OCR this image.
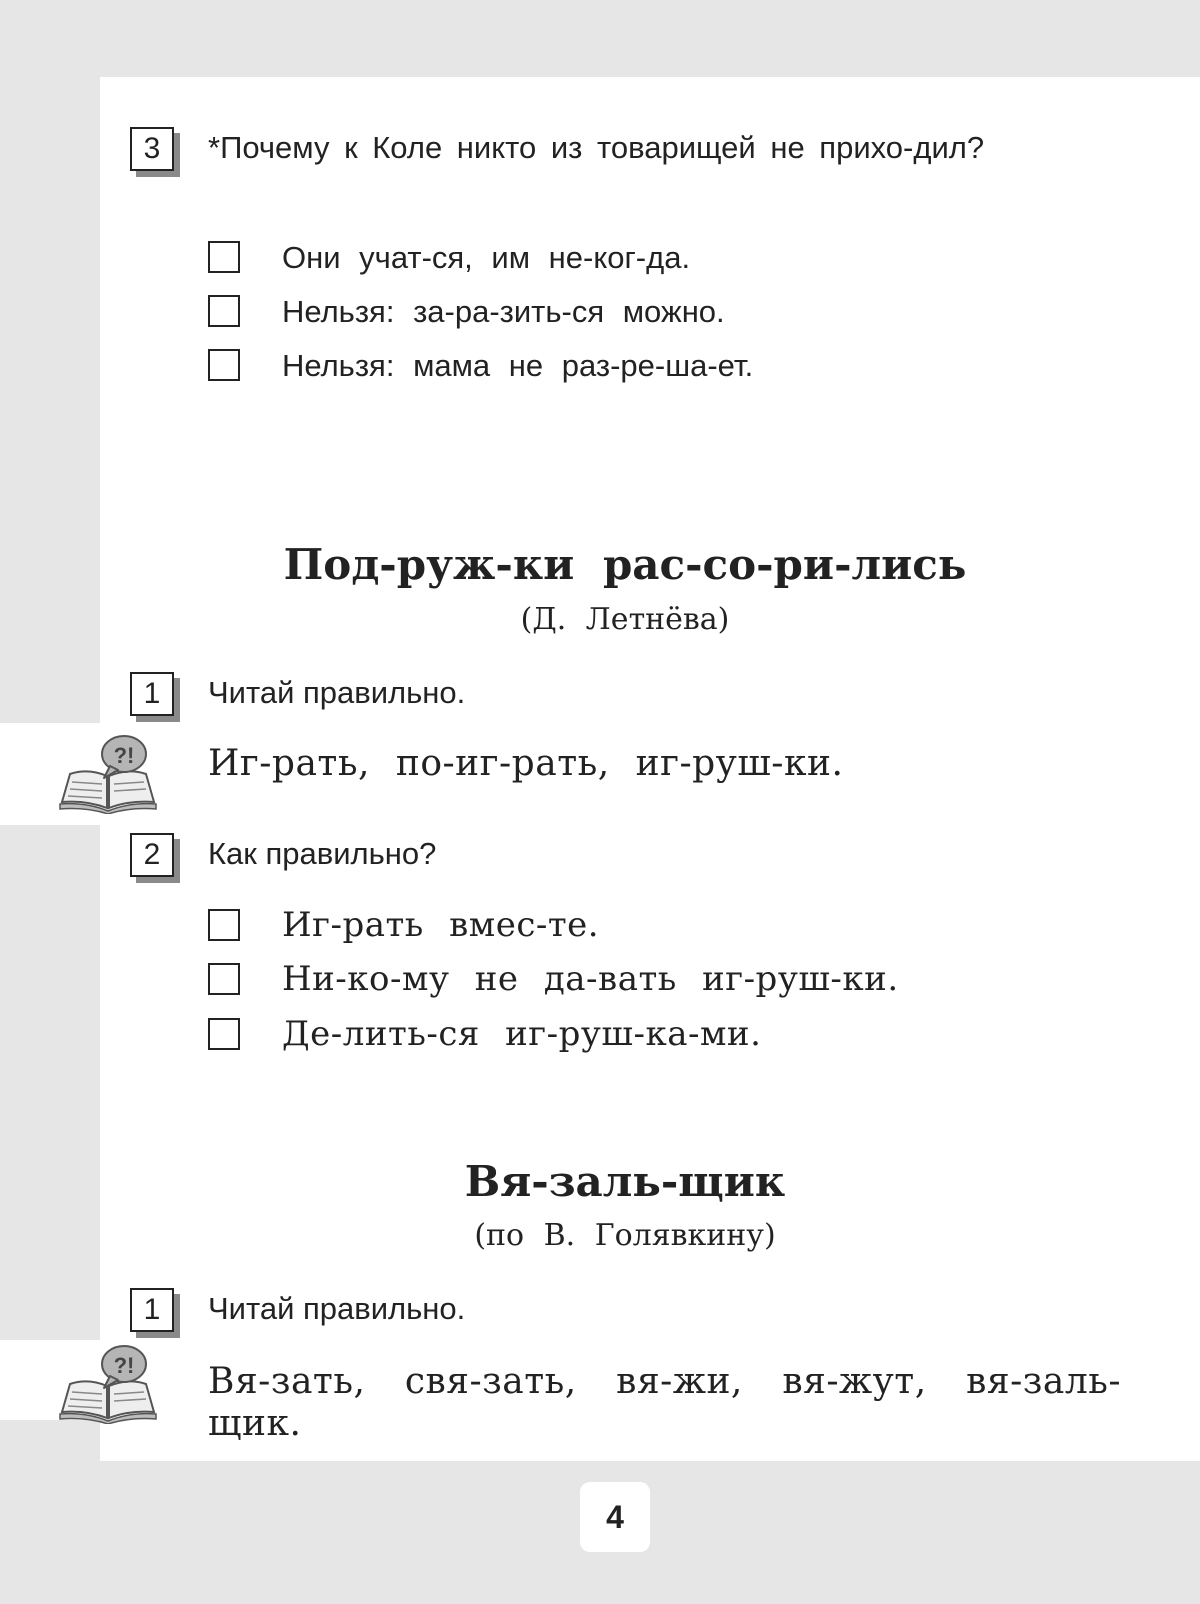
3	*Почему к Коле никто из товарищей не прихо-дил?
Они учат-ся, им не-ког-да.
Нельзя: за-ра-зить-ся можно.
Нельзя: мама не раз-ре-ша-ет.
Под-руж-ки рас-со-ри-лись
(Д. Летнёва)
1	Читай правильно.
?! Иг-рать, по-иг-рать, иг-руш-ки.
2	Как правильно?
Иг-рать вмес-те.
Ни-ко-му не да-вать иг-руш-ки.
Де-лить-ся иг-руш-ка-ми.
Вя-заль-щик
(по В. Голявкину)
1	Читай правильно.
?! Вя-зать, свя-зать, вя-жи, вя-жут, вя-заль-щик.
4
